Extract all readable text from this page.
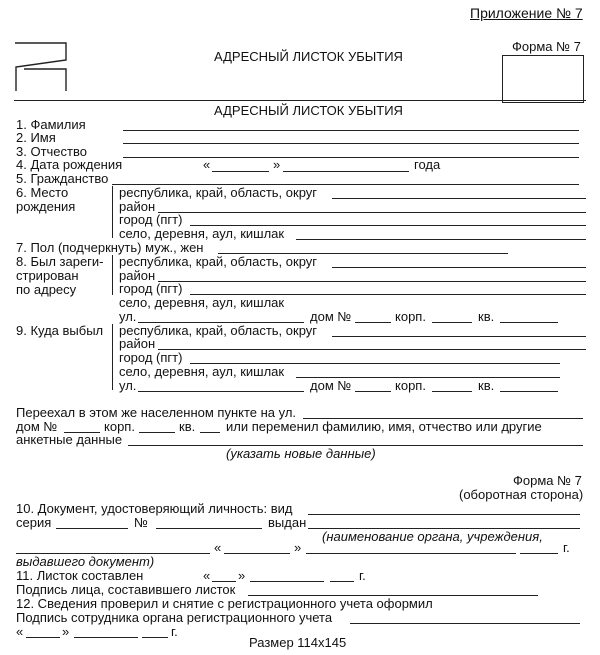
Приложение № 7
Форма № 7
АДРЕСНЫЙ ЛИСТОК УБЫТИЯ
АДРЕСНЫЙ ЛИСТОК УБЫТИЯ
1. Фамилия
2. Имя
3. Отчество
4. Дата рождения	«	»	года
5. Гражданство
6. Место
рождения
республика, край, область, округ
район
город (пгт)
село, деревня, аул, кишлак
7. Пол (подчеркнуть) муж., жен
8. Был зареги-
стрирован
по адресу
республика, край, область, округ
район
город (пгт)
село, деревня, аул, кишлак
ул.	дом №	корп.	кв.
9. Куда выбыл республика, край, область, округ
район
город (пгт)
село, деревня, аул, кишлак
ул.	дом №	корп.	кв.
Переехал в этом же населенном пункте на ул.
дом №	корп.	кв. или переменил фамилию, имя, отчество или другие
анкетные данные
(указать новые данные)
Форма № 7
(оборотная сторона)
10. Документ, удостоверяющий личность: вид
серия	№	выдан
(наименование органа, учреждения,
«	»	г.
выдавшего документ)
11. Листок составлен	« »	г.
Подпись лица, составившего листок
12. Сведения проверил и снятие с регистрационного учета оформил
Подпись сотрудника органа регистрационного учета
«	»	г.
Размер 114х145
